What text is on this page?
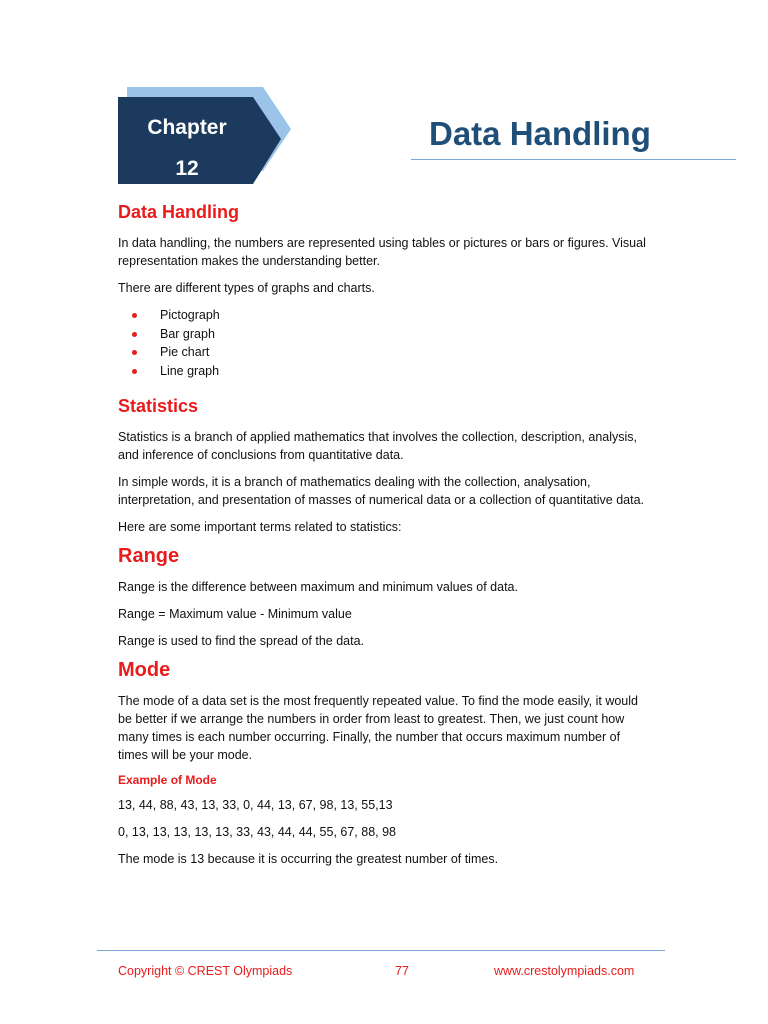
Chapter
12
Data Handling
Data Handling

In data handling, the numbers are represented using tables or pictures or bars or figures. Visual representation makes the understanding better.

There are different types of graphs and charts.

Pictograph
Bar graph
Pie chart
Line graph
Statistics

Statistics is a branch of applied mathematics that involves the collection, description, analysis, and inference of conclusions from quantitative data.

In simple words, it is a branch of mathematics dealing with the collection, analysation, interpretation, and presentation of masses of numerical data or a collection of quantitative data.

Here are some important terms related to statistics:

Range

Range is the difference between maximum and minimum values of data.

Range = Maximum value - Minimum value

Range is used to find the spread of the data.

Mode

The mode of a data set is the most frequently repeated value. To find the mode easily, it would be better if we arrange the numbers in order from least to greatest. Then, we just count how many times is each number occurring. Finally, the number that occurs maximum number of times will be your mode.

Example of Mode

13, 44, 88, 43, 13, 33, 0, 44, 13, 67, 98, 13, 55,13

0, 13, 13, 13, 13, 13, 33, 43, 44, 44, 55, 67, 88, 98

The mode is 13 because it is occurring the greatest number of times.

Copyright © CREST Olympiads	77	www.crestolympiads.com
